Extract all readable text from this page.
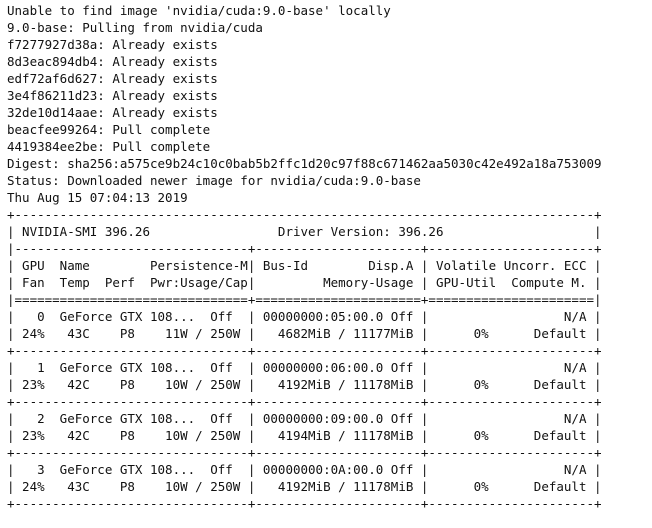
Unable to find image 'nvidia/cuda:9.0-base' locally
9.0-base: Pulling from nvidia/cuda
f7277927d38a: Already exists
8d3eac894db4: Already exists
edf72af6d627: Already exists
3e4f86211d23: Already exists
32de10d14aae: Already exists
beacfee99264: Pull complete
4419384ee2be: Pull complete
Digest: sha256:a575ce9b24c10c0bab5b2ffc1d20c97f88c671462aa5030c42e492a18a753009
Status: Downloaded newer image for nvidia/cuda:9.0-base
Thu Aug 15 07:04:13 2019
+-----------------------------------------------------------------------------+
| NVIDIA-SMI 396.26                 Driver Version: 396.26                    |
|-------------------------------+----------------------+----------------------+
| GPU  Name        Persistence-M| Bus-Id        Disp.A | Volatile Uncorr. ECC |
| Fan  Temp  Perf  Pwr:Usage/Cap|         Memory-Usage | GPU-Util  Compute M. |
|===============================+======================+======================|
|   0  GeForce GTX 108...  Off  | 00000000:05:00.0 Off |                  N/A |
| 24%   43C    P8    11W / 250W |   4682MiB / 11177MiB |      0%      Default |
+-------------------------------+----------------------+----------------------+
|   1  GeForce GTX 108...  Off  | 00000000:06:00.0 Off |                  N/A |
| 23%   42C    P8    10W / 250W |   4192MiB / 11178MiB |      0%      Default |
+-------------------------------+----------------------+----------------------+
|   2  GeForce GTX 108...  Off  | 00000000:09:00.0 Off |                  N/A |
| 23%   42C    P8    10W / 250W |   4194MiB / 11178MiB |      0%      Default |
+-------------------------------+----------------------+----------------------+
|   3  GeForce GTX 108...  Off  | 00000000:0A:00.0 Off |                  N/A |
| 24%   43C    P8    10W / 250W |   4192MiB / 11178MiB |      0%      Default |
+-------------------------------+----------------------+----------------------+
